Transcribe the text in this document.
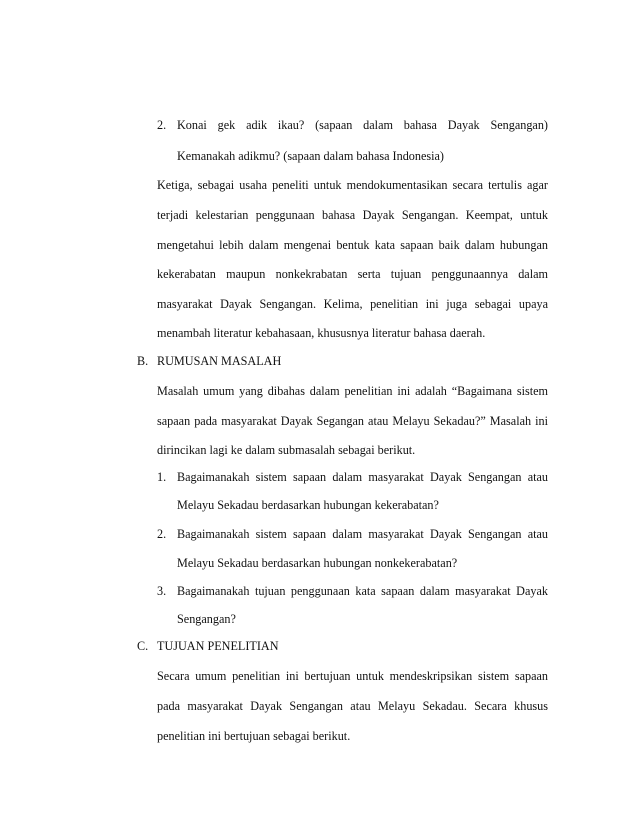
2. Konai gek adik ikau? (sapaan dalam bahasa Dayak Sengangan)
Kemanakah adikmu? (sapaan dalam bahasa Indonesia)
Ketiga, sebagai usaha peneliti untuk mendokumentasikan secara tertulis agar
terjadi kelestarian penggunaan bahasa Dayak Sengangan. Keempat, untuk
mengetahui lebih dalam mengenai bentuk kata sapaan baik dalam hubungan
kekerabatan maupun nonkekrabatan serta tujuan penggunaannya dalam
masyarakat Dayak Sengangan. Kelima, penelitian ini juga sebagai upaya
menambah literatur kebahasaan, khususnya literatur bahasa daerah.
B. RUMUSAN MASALAH
Masalah umum yang dibahas dalam penelitian ini adalah “Bagaimana sistem
sapaan pada masyarakat Dayak Segangan atau Melayu Sekadau?” Masalah ini
dirincikan lagi ke dalam submasalah sebagai berikut.
1. Bagaimanakah sistem sapaan dalam masyarakat Dayak Sengangan atau
Melayu Sekadau berdasarkan hubungan kekerabatan?
2. Bagaimanakah sistem sapaan dalam masyarakat Dayak Sengangan atau
Melayu Sekadau berdasarkan hubungan nonkekerabatan?
3. Bagaimanakah tujuan penggunaan kata sapaan dalam masyarakat Dayak
Sengangan?
C. TUJUAN PENELITIAN
Secara umum penelitian ini bertujuan untuk mendeskripsikan sistem sapaan
pada masyarakat Dayak Sengangan atau Melayu Sekadau. Secara khusus
penelitian ini bertujuan sebagai berikut.
